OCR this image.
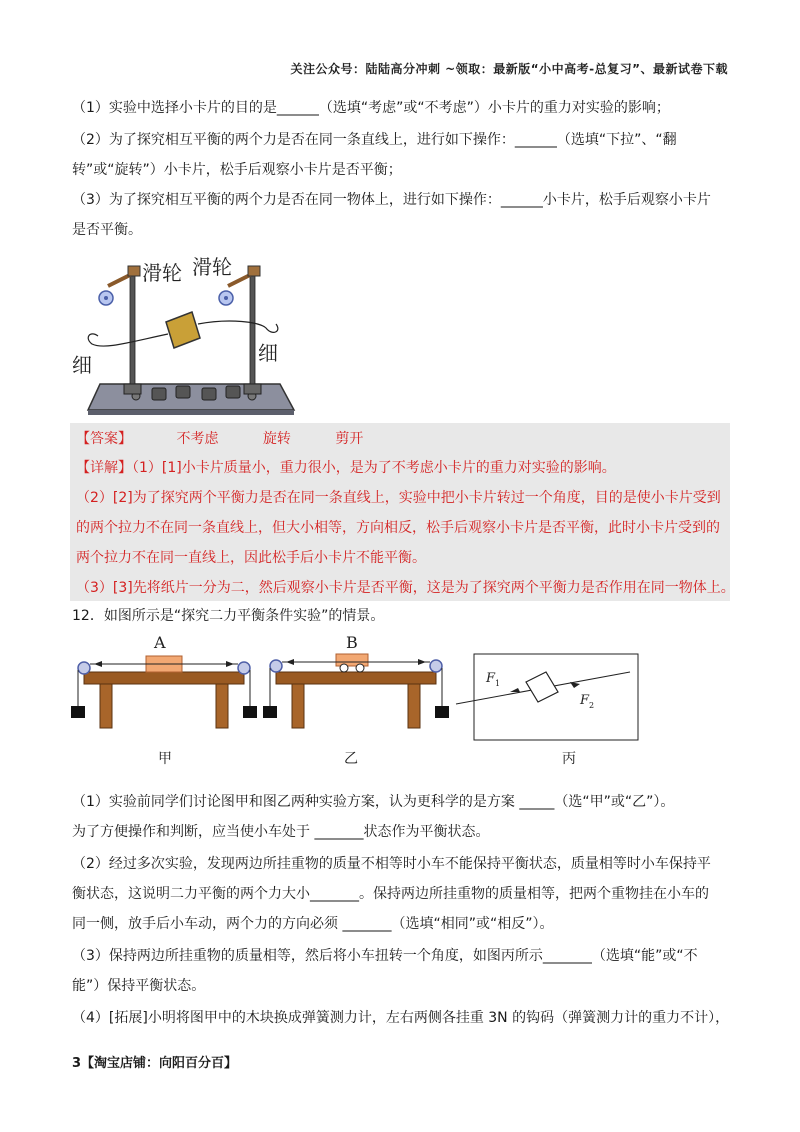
关注公众号：陆陆高分冲刺 ~领取：最新版“小中高考-总复习”、最新试卷下载
（1）实验中选择小卡片的目的是______（选填“考虑”或“不考虑”）小卡片的重力对实验的影响；
（2）为了探究相互平衡的两个力是否在同一条直线上，进行如下操作：______（选填“下拉”、“翻
转”或“旋转”）小卡片，松手后观察小卡片是否平衡；
（3）为了探究相互平衡的两个力是否在同一物体上，进行如下操作：______小卡片，松手后观察小卡片
是否平衡。
滑轮 滑轮
细	细
【答案】	不考虑	旋转	剪开
【详解】（1）[1]小卡片质量小，重力很小，是为了不考虑小卡片的重力对实验的影响。
（2）[2]为了探究两个平衡力是否在同一条直线上，实验中把小卡片转过一个角度，目的是使小卡片受到
的两个拉力不在同一条直线上，但大小相等，方向相反，松手后观察小卡片是否平衡，此时小卡片受到的
两个拉力不在同一直线上，因此松手后小卡片不能平衡。
（3）[3]先将纸片一分为二，然后观察小卡片是否平衡，这是为了探究两个平衡力是否作用在同一物体上。
12．如图所示是“探究二力平衡条件实验”的情景。
A
甲
B
乙
F 1
F 2
丙
（1）实验前同学们讨论图甲和图乙两种实验方案，认为更科学的是方案 _____（选“甲”或“乙”）。
为了方便操作和判断，应当使小车处于 _______状态作为平衡状态。
（2）经过多次实验，发现两边所挂重物的质量不相等时小车不能保持平衡状态，质量相等时小车保持平
衡状态，这说明二力平衡的两个力大小_______。保持两边所挂重物的质量相等，把两个重物挂在小车的
同一侧，放手后小车动，两个力的方向必须 _______（选填“相同”或“相反”）。
（3）保持两边所挂重物的质量相等，然后将小车扭转一个角度，如图丙所示_______（选填“能”或“不
能”）保持平衡状态。
（4）[拓展]小明将图甲中的木块换成弹簧测力计，左右两侧各挂重 3N 的钩码（弹簧测力计的重力不计），
3【淘宝店铺：向阳百分百】
